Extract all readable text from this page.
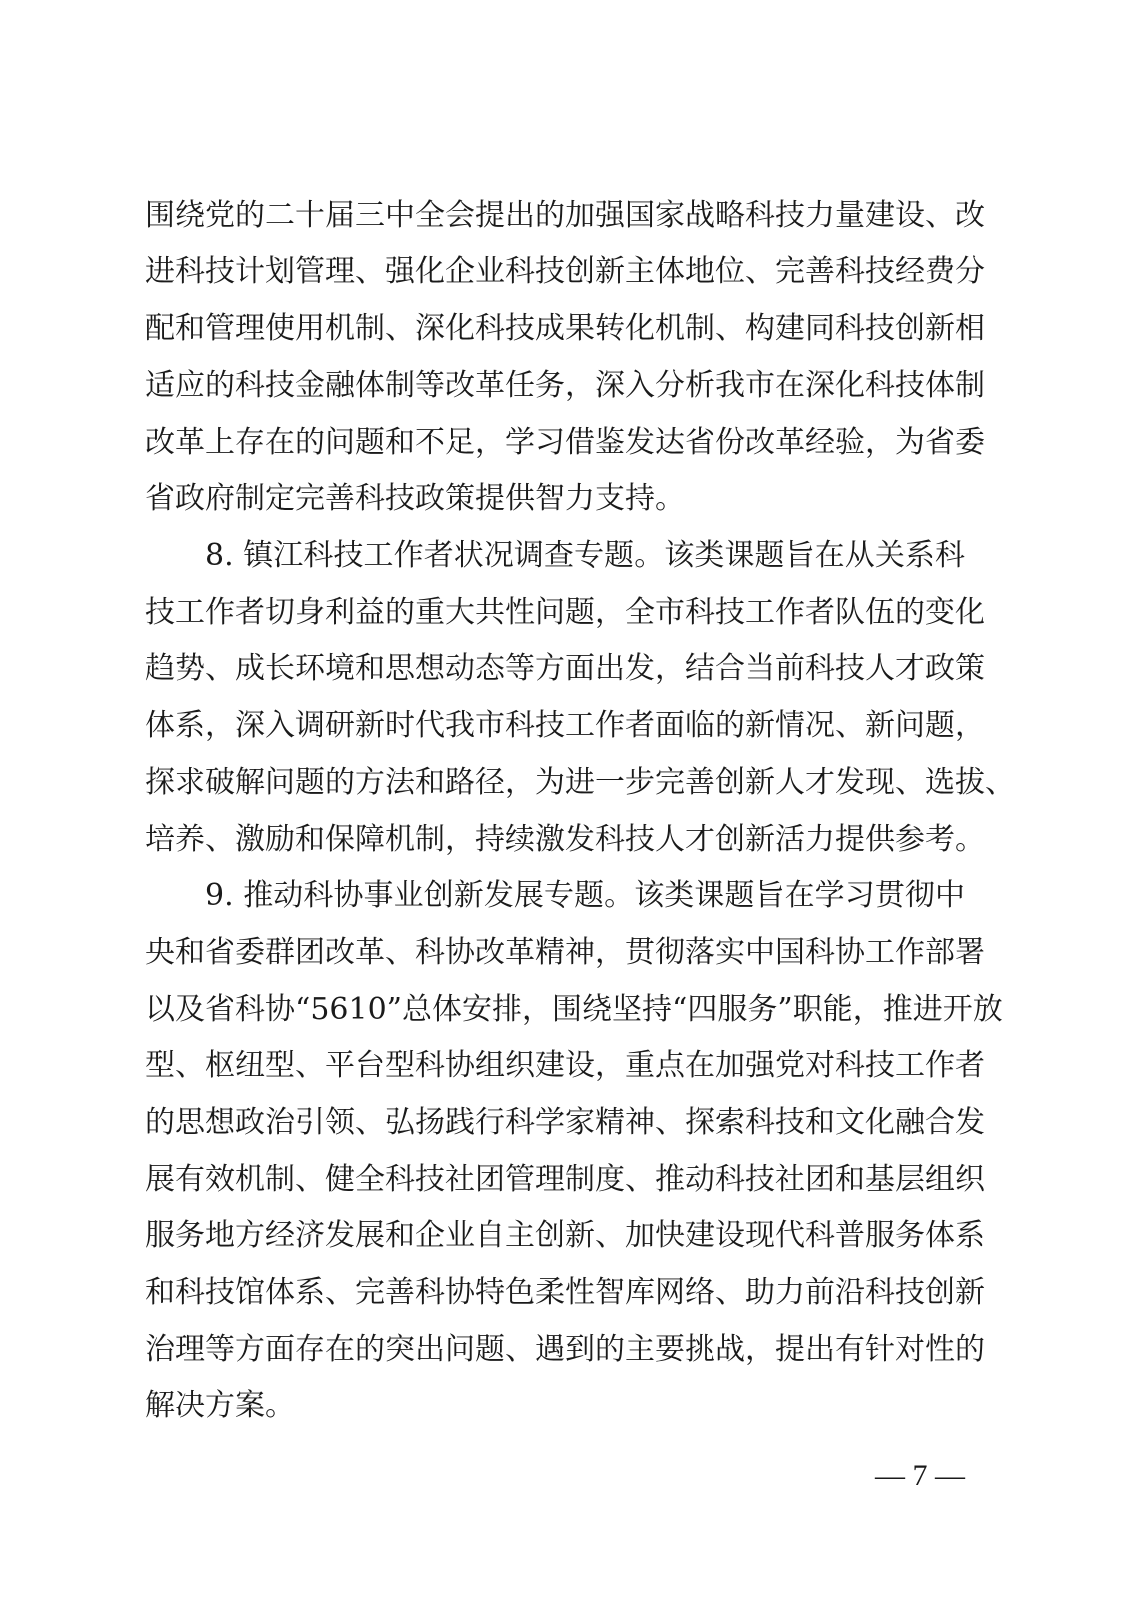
围绕党的二十届三中全会提出的加强国家战略科技力量建设、改
进科技计划管理、强化企业科技创新主体地位、完善科技经费分
配和管理使用机制、深化科技成果转化机制、构建同科技创新相
适应的科技金融体制等改革任务，深入分析我市在深化科技体制
改革上存在的问题和不足，学习借鉴发达省份改革经验，为省委
省政府制定完善科技政策提供智力支持。
8. 镇江科技工作者状况调查专题。该类课题旨在从关系科
技工作者切身利益的重大共性问题，全市科技工作者队伍的变化
趋势、成长环境和思想动态等方面出发，结合当前科技人才政策
体系，深入调研新时代我市科技工作者面临的新情况、新问题，
探求破解问题的方法和路径，为进一步完善创新人才发现、选拔、
培养、激励和保障机制，持续激发科技人才创新活力提供参考。
9. 推动科协事业创新发展专题。该类课题旨在学习贯彻中
央和省委群团改革、科协改革精神，贯彻落实中国科协工作部署
以及省科协“5610”总体安排，围绕坚持“四服务”职能，推进开放
型、枢纽型、平台型科协组织建设，重点在加强党对科技工作者
的思想政治引领、弘扬践行科学家精神、探索科技和文化融合发
展有效机制、健全科技社团管理制度、推动科技社团和基层组织
服务地方经济发展和企业自主创新、加快建设现代科普服务体系
和科技馆体系、完善科协特色柔性智库网络、助力前沿科技创新
治理等方面存在的突出问题、遇到的主要挑战，提出有针对性的
解决方案。
— 7 —
